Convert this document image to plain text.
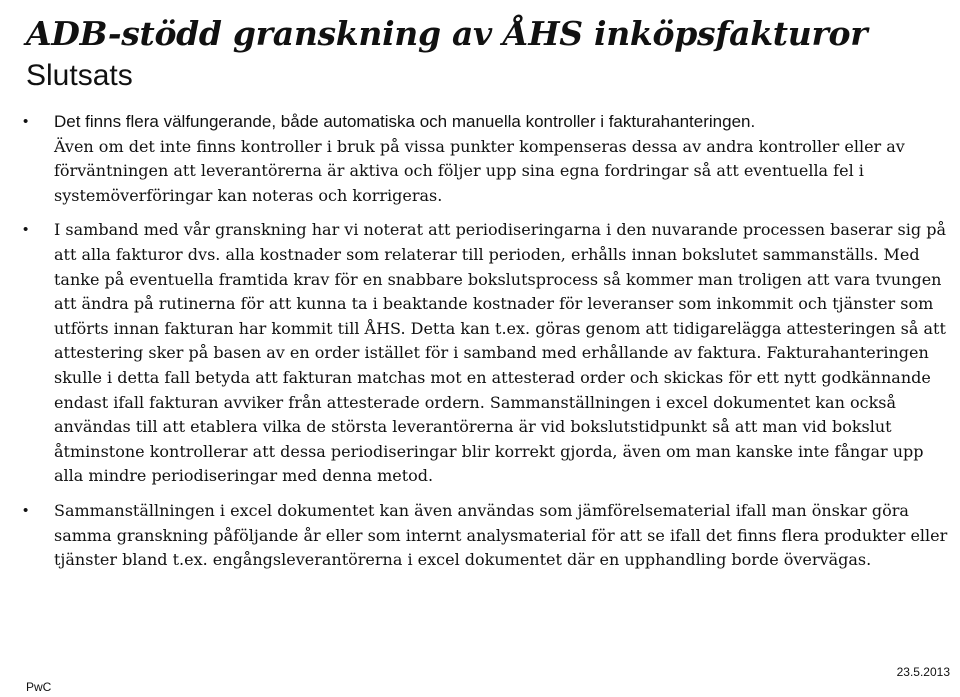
ADB-stödd granskning av ÅHS inköpsfakturor
Slutsats
• Det finns flera välfungerande, både automatiska och manuella kontroller i fakturahanteringen.
Även om det inte finns kontroller i bruk på vissa punkter kompenseras dessa av andra kontroller eller av förväntningen att leverantörerna är aktiva och följer upp sina egna fordringar så att eventuella fel i systemöverföringar kan noteras och korrigeras.
• I samband med vår granskning har vi noterat att periodiseringarna i den nuvarande processen baserar sig på att alla fakturor dvs. alla kostnader som relaterar till perioden, erhålls innan bokslutet sammanställs. Med tanke på eventuella framtida krav för en snabbare bokslutsprocess så kommer man troligen att vara tvungen att ändra på rutinerna för att kunna ta i beaktande kostnader för leveranser som inkommit och tjänster som utförts innan fakturan har kommit till ÅHS. Detta kan t.ex. göras genom att tidigarelägga attesteringen så att attestering sker på basen av en order istället för i samband med erhållande av faktura. Fakturahanteringen skulle i detta fall betyda att fakturan matchas mot en attesterad order och skickas för ett nytt godkännande endast ifall fakturan avviker från attesterade ordern. Sammanställningen i excel dokumentet kan också användas till att etablera vilka de största leverantörerna är vid bokslutstidpunkt så att man vid bokslut åtminstone kontrollerar att dessa periodiseringar blir korrekt gjorda, även om man kanske inte fångar upp alla mindre periodiseringar med denna metod.
• Sammanställningen i excel dokumentet kan även användas som jämförelsematerial ifall man önskar göra samma granskning påföljande år eller som internt analysmaterial för att se ifall det finns flera produkter eller tjänster bland t.ex. engångsleverantörerna i excel dokumentet där en upphandling borde övervägas.
PwC
23.5.2013
